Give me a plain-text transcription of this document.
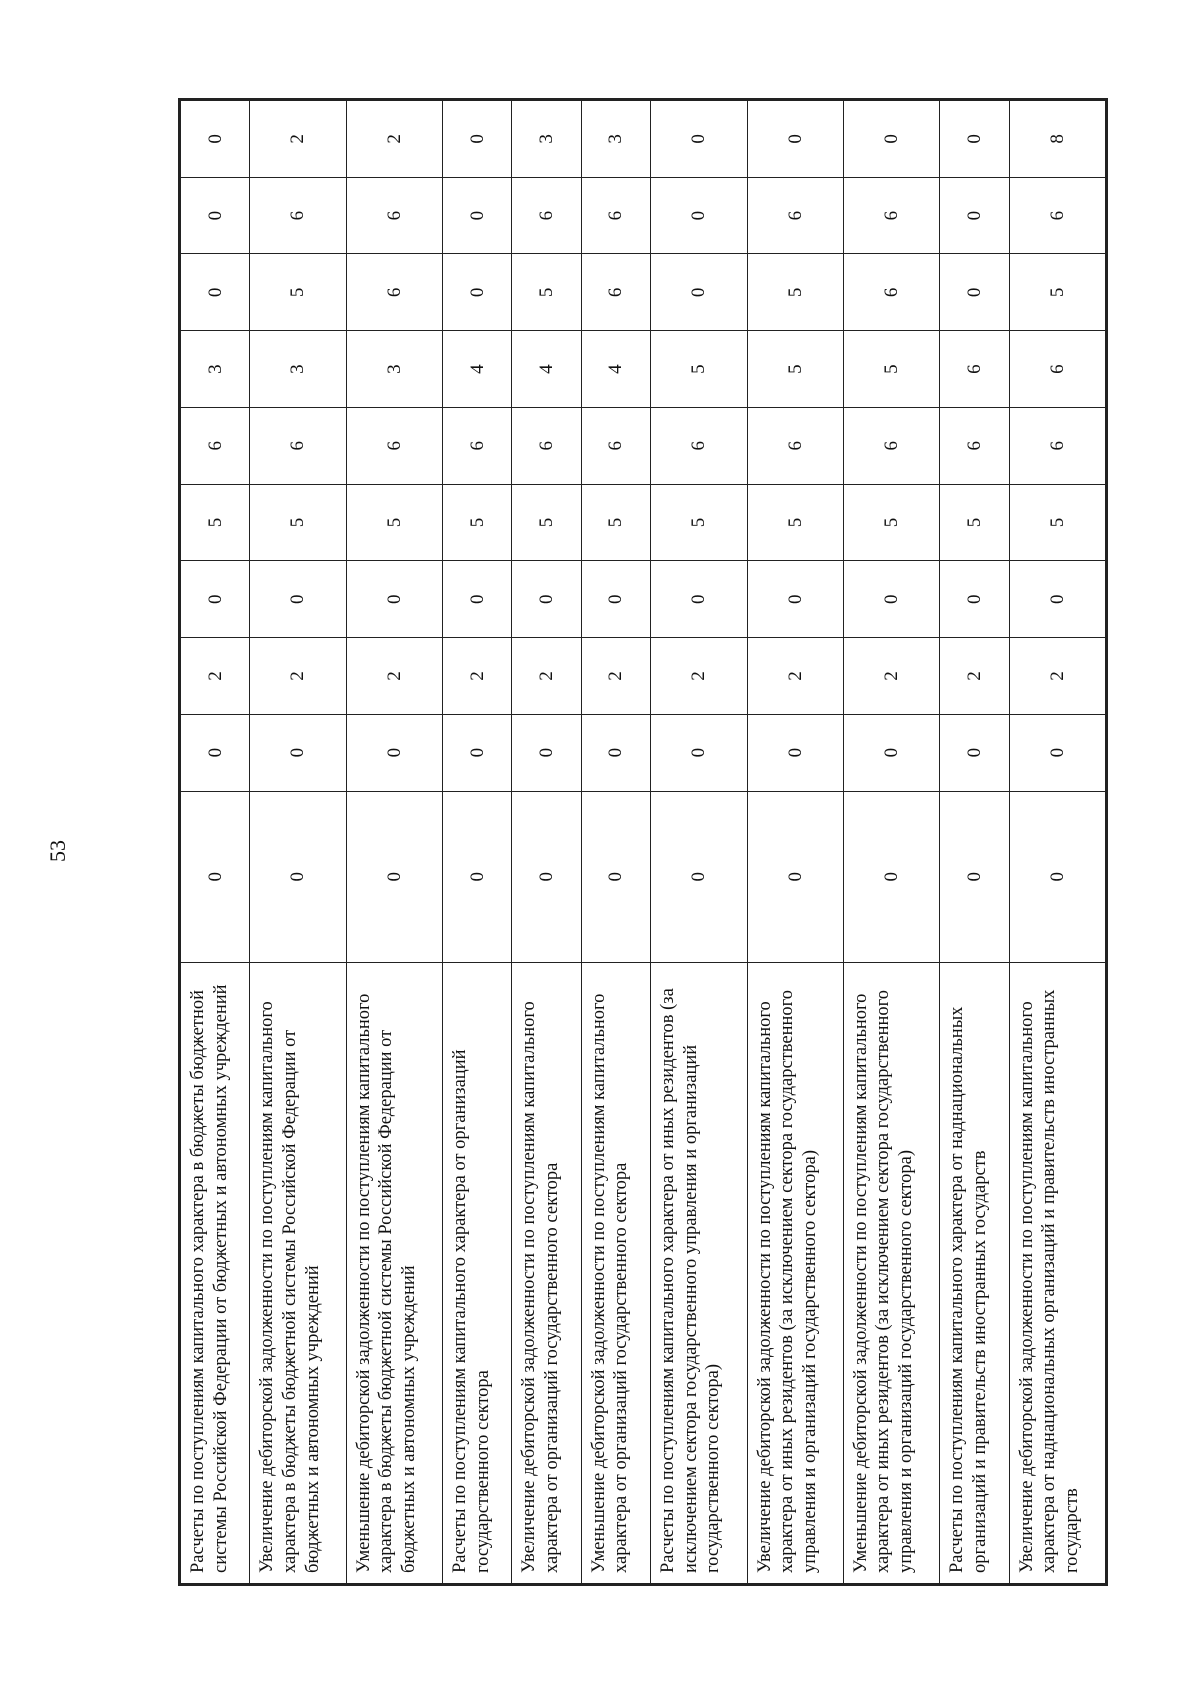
53
Расчеты по поступлениям капитального характера в бюджеты бюджетной системы Российской Федерации от бюджетных и автономных учреждений	0	0	2	0	5	6	3	0	0	0
Увеличение дебиторской задолженности по поступлениям капитального характера в бюджеты бюджетной системы Российской Федерации от бюджетных и автономных учреждений	0	0	2	0	5	6	3	5	6	2
Уменьшение дебиторской задолженности по поступлениям капитального характера в бюджеты бюджетной системы Российской Федерации от бюджетных и автономных учреждений	0	0	2	0	5	6	3	6	6	2
Расчеты по поступлениям капитального характера от организаций государственного сектора	0	0	2	0	5	6	4	0	0	0
Увеличение дебиторской задолженности по поступлениям капитального характера от организаций государственного сектора	0	0	2	0	5	6	4	5	6	3
Уменьшение дебиторской задолженности по поступлениям капитального характера от организаций государственного сектора	0	0	2	0	5	6	4	6	6	3
Расчеты по поступлениям капитального характера от иных резидентов (за исключением сектора государственного управления и организаций государственного сектора)	0	0	2	0	5	6	5	0	0	0
Увеличение дебиторской задолженности по поступлениям капитального характера от иных резидентов (за исключением сектора государственного управления и организаций государственного сектора)	0	0	2	0	5	6	5	5	6	0
Уменьшение дебиторской задолженности по поступлениям капитального характера от иных резидентов (за исключением сектора государственного управления и организаций государственного сектора)	0	0	2	0	5	6	5	6	6	0
Расчеты по поступлениям капитального характера от наднациональных организаций и правительств иностранных государств	0	0	2	0	5	6	6	0	0	0
Увеличение дебиторской задолженности по поступлениям капитального характера от наднациональных организаций и правительств иностранных государств	0	0	2	0	5	6	6	5	6	8
